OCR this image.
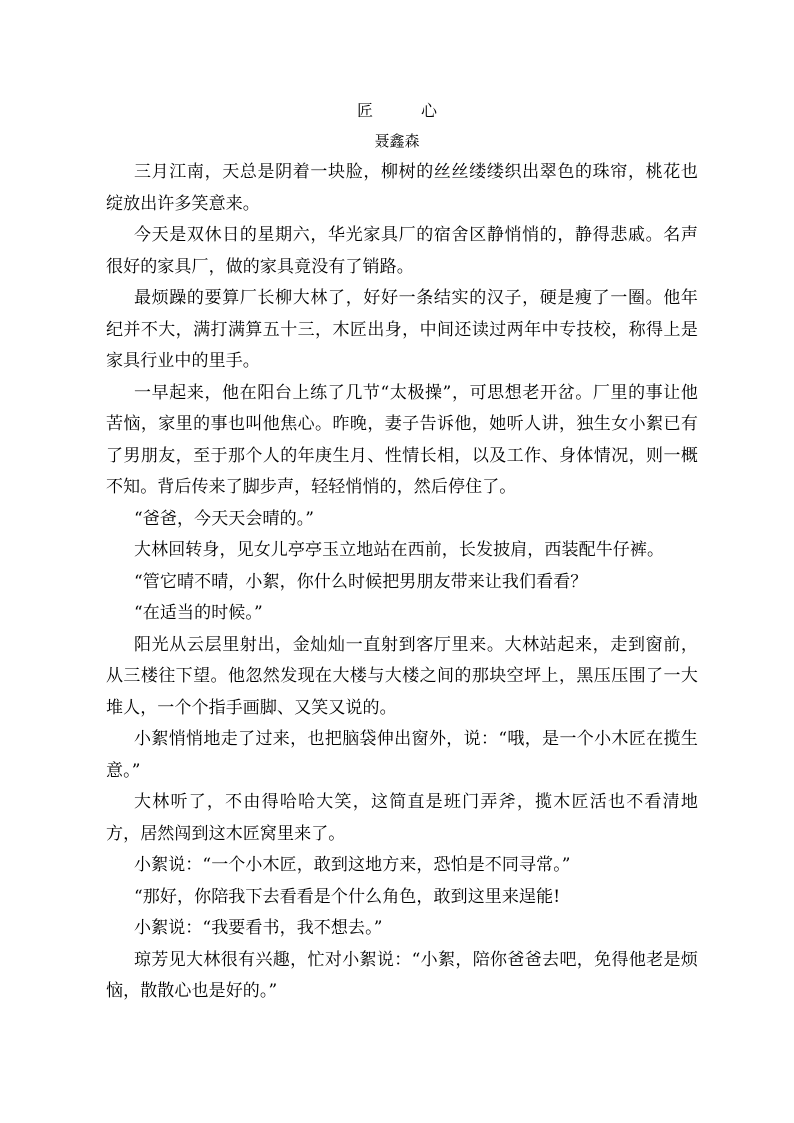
匠　心
聂鑫森

三月江南，天总是阴着一块脸，柳树的丝丝缕缕织出翠色的珠帘，桃花也绽放出许多笑意来。

今天是双休日的星期六，华光家具厂的宿舍区静悄悄的，静得悲戚。名声很好的家具厂，做的家具竟没有了销路。

最烦躁的要算厂长柳大林了，好好一条结实的汉子，硬是瘦了一圈。他年纪并不大，满打满算五十三，木匠出身，中间还读过两年中专技校，称得上是家具行业中的里手。

一早起来，他在阳台上练了几节“太极操”，可思想老开岔。厂里的事让他苦恼，家里的事也叫他焦心。昨晚，妻子告诉他，她听人讲，独生女小絮已有了男朋友，至于那个人的年庚生月、性情长相，以及工作、身体情况，则一概不知。背后传来了脚步声，轻轻悄悄的，然后停住了。

“爸爸，今天天会晴的。”

大林回转身，见女儿亭亭玉立地站在西前，长发披肩，西装配牛仔裤。

“管它晴不晴，小絮，你什么时候把男朋友带来让我们看看？

“在适当的时候。”

阳光从云层里射出，金灿灿一直射到客厅里来。大林站起来，走到窗前，从三楼往下望。他忽然发现在大楼与大楼之间的那块空坪上，黑压压围了一大堆人，一个个指手画脚、又笑又说的。

小絮悄悄地走了过来，也把脑袋伸出窗外，说：“哦，是一个小木匠在揽生意。”

大林听了，不由得哈哈大笑，这简直是班门弄斧，揽木匠活也不看清地方，居然闯到这木匠窝里来了。

小絮说：“一个小木匠，敢到这地方来，恐怕是不同寻常。”

“那好，你陪我下去看看是个什么角色，敢到这里来逞能!

小絮说：“我要看书，我不想去。”

琼芳见大林很有兴趣，忙对小絮说：“小絮，陪你爸爸去吧，免得他老是烦恼，散散心也是好的。”
